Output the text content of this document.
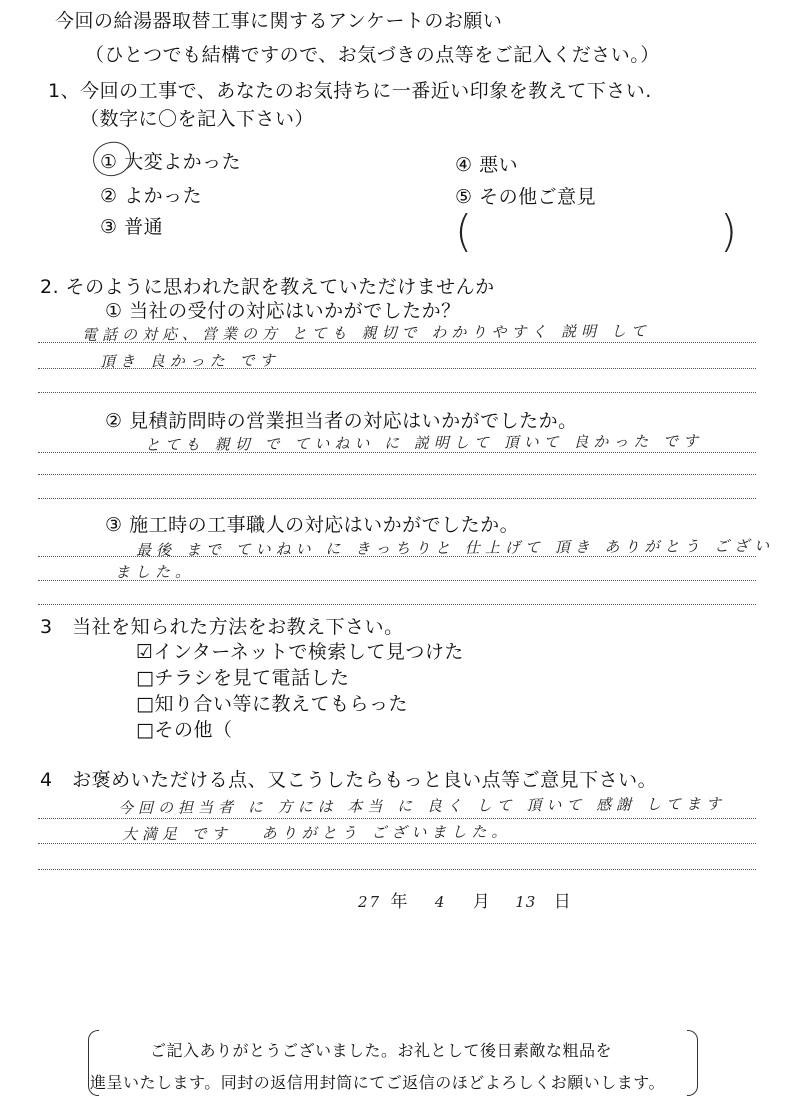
今回の給湯器取替工事に関するアンケートのお願い
（ひとつでも結構ですので、お気づきの点等をご記入ください。）
1、今回の工事で、あなたのお気持ちに一番近い印象を教えて下さい.
（数字に〇を記入下さい）
① 大変よかった
② よかった
③ 普通
④ 悪い
⑤ その他ご意見
(	)
2. そのように思われた訳を教えていただけませんか
① 当社の受付の対応はいかがでしたか？
電話の対応、営業の方 とても 親切で わかりやすく 説明 して
頂き 良かった です
② 見積訪問時の営業担当者の対応はいかがでしたか。
とても 親切 で ていねい に 説明して 頂いて 良かった です
③ 施工時の工事職人の対応はいかがでしたか。
最後 まで ていねい に きっちりと 仕上げて 頂き ありがとう ござい
ました。
3　当社を知られた方法をお教え下さい。
☑インターネットで検索して見つけた
□チラシを見て電話した
□知り合い等に教えてもらった
□その他（
4　お褒めいただける点、又こうしたらもっと良い点等ご意見下さい。
今回の担当者 に 方には 本当 に 良く して 頂いて 感謝 してます
大満足 です　 ありがとう ございました。
27 年 4 月 13 日
ご記入ありがとうございました。お礼として後日素敵な粗品を
進呈いたします。同封の返信用封筒にてご返信のほどよろしくお願いします。
